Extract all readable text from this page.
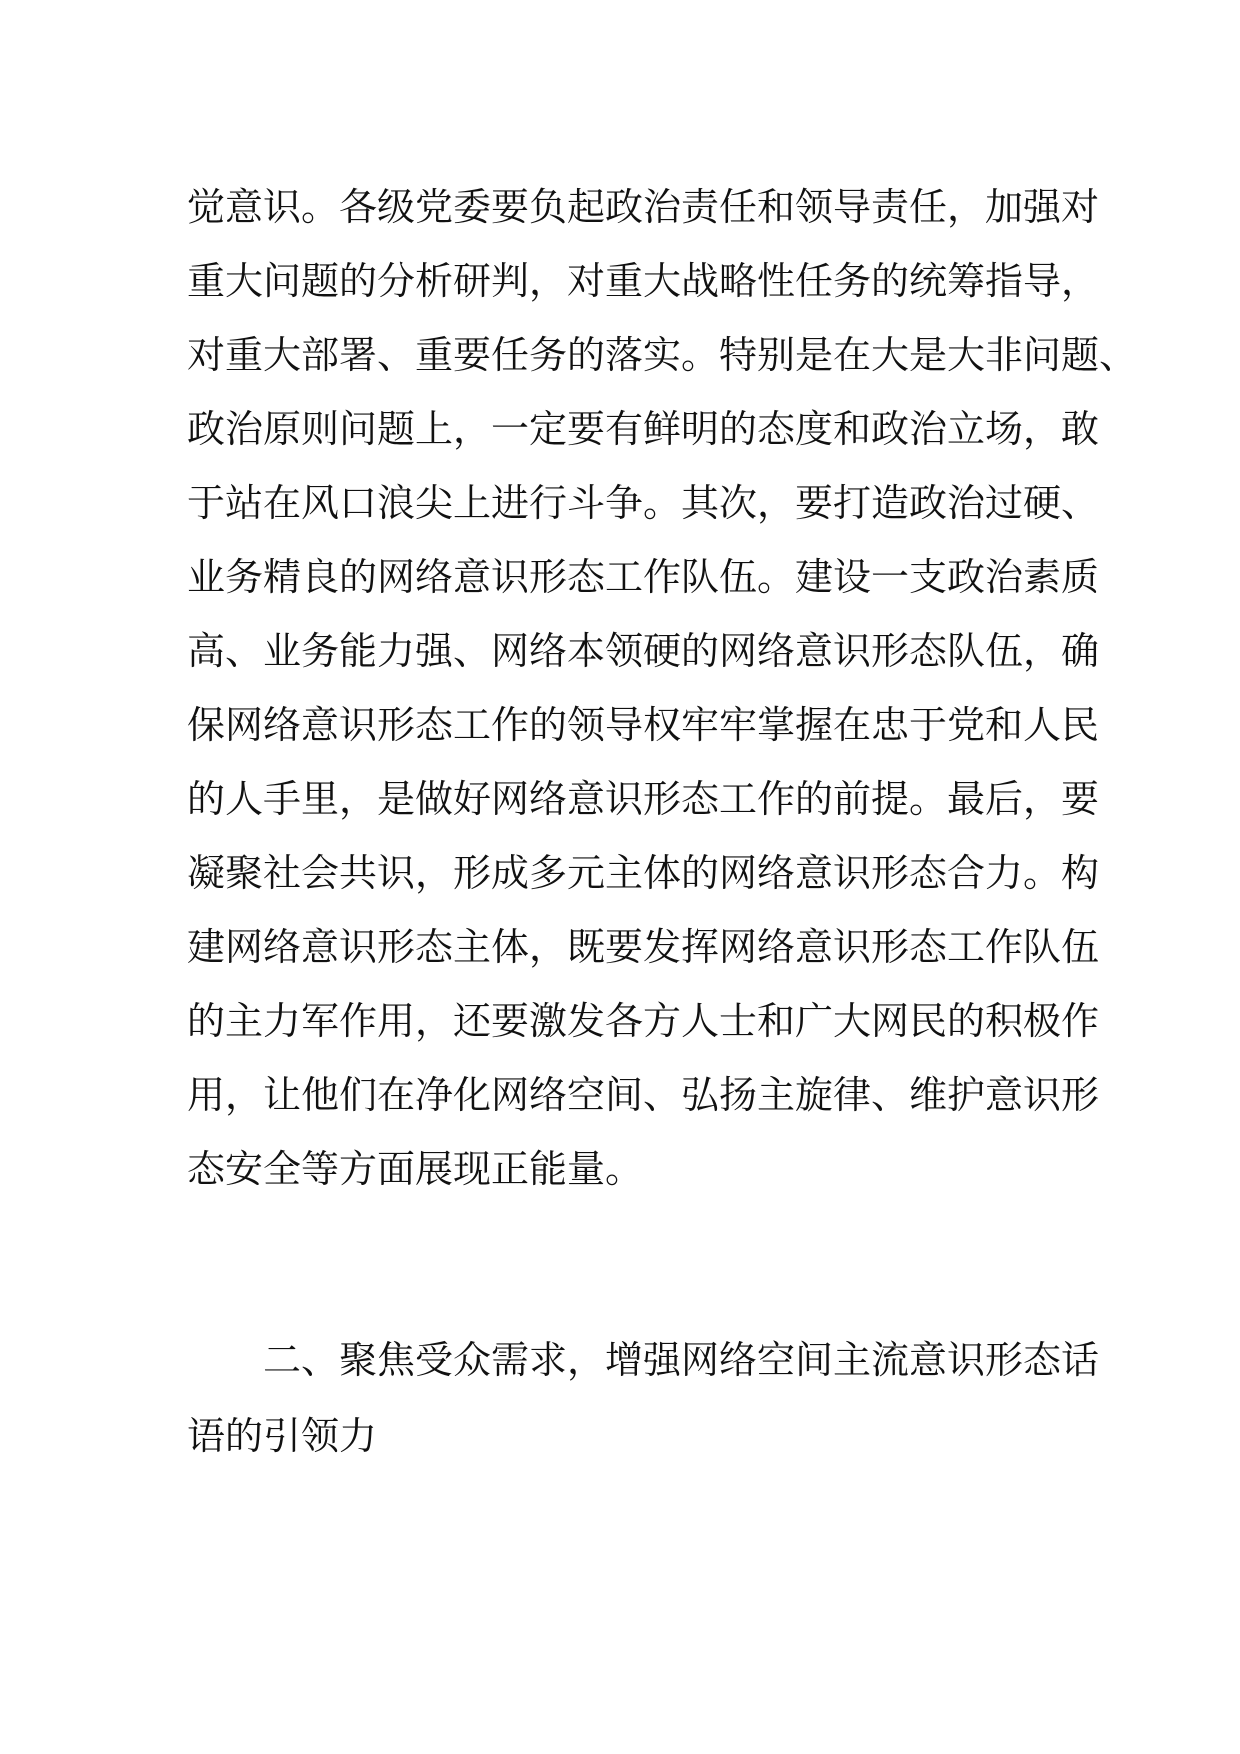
觉意识。各级党委要负起政治责任和领导责任，加强对
重大问题的分析研判，对重大战略性任务的统筹指导，
对重大部署、重要任务的落实。特别是在大是大非问题、
政治原则问题上，一定要有鲜明的态度和政治立场，敢
于站在风口浪尖上进行斗争。其次，要打造政治过硬、
业务精良的网络意识形态工作队伍。建设一支政治素质
高、业务能力强、网络本领硬的网络意识形态队伍，确
保网络意识形态工作的领导权牢牢掌握在忠于党和人民
的人手里，是做好网络意识形态工作的前提。最后，要
凝聚社会共识，形成多元主体的网络意识形态合力。构
建网络意识形态主体，既要发挥网络意识形态工作队伍
的主力军作用，还要激发各方人士和广大网民的积极作
用，让他们在净化网络空间、弘扬主旋律、维护意识形
态安全等方面展现正能量。
二、聚焦受众需求，增强网络空间主流意识形态话
语的引领力
